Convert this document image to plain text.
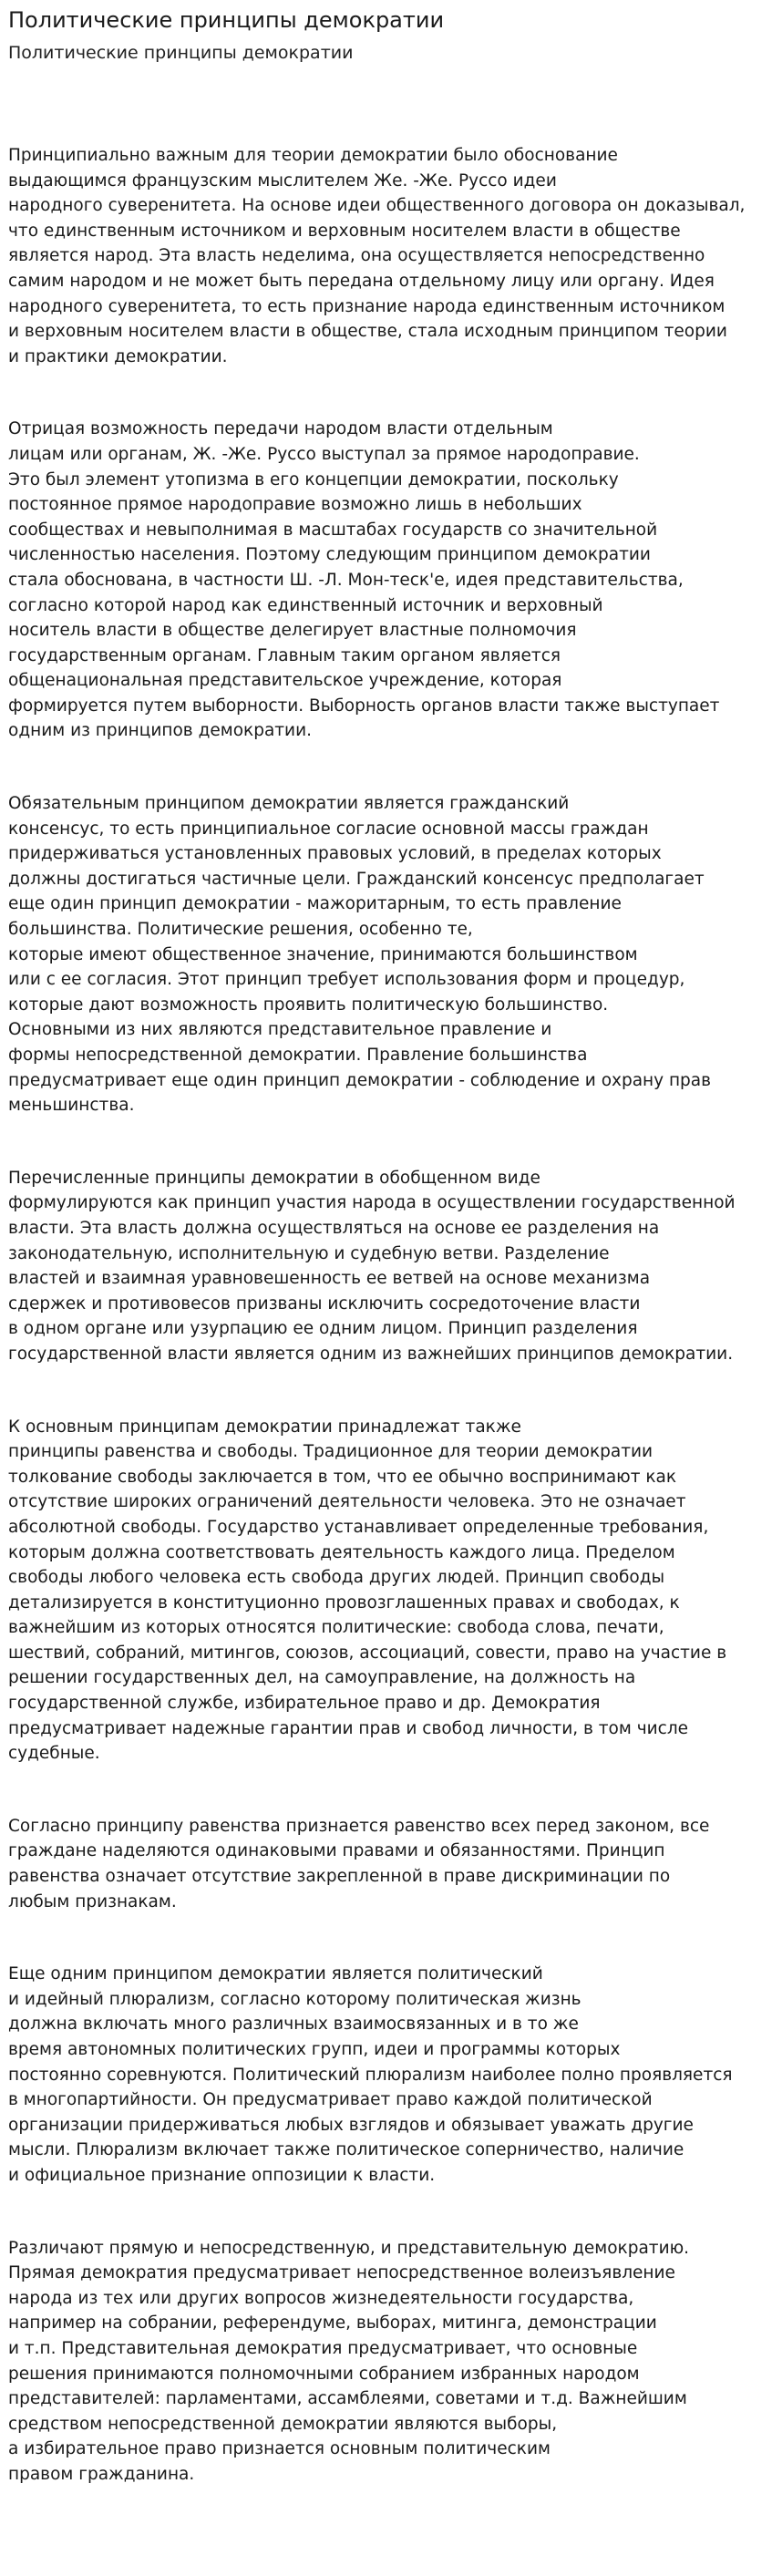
Политические принципы демократии
Политические принципы демократии

Принципиально важным для теории демократии было обоснование
выдающимся французским мыслителем Же. -Же. Руссо идеи
народного суверенитета. На основе идеи общественного договора он доказывал,
что единственным источником и верховным носителем власти в обществе
является народ. Эта власть неделима, она осуществляется непосредственно
самим народом и не может быть передана отдельному лицу или органу. Идея
народного суверенитета, то есть признание народа единственным источником
и верховным носителем власти в обществе, стала исходным принципом теории
и практики демократии.

Отрицая возможность передачи народом власти отдельным
лицам или органам, Ж. -Же. Руссо выступал за прямое народоправие.
Это был элемент утопизма в его концепции демократии, поскольку
постоянное прямое народоправие возможно лишь в небольших
сообществах и невыполнимая в масштабах государств со значительной
численностью населения. Поэтому следующим принципом демократии
стала обоснована, в частности Ш. -Л. Мон-теск'е, идея представительства,
согласно которой народ как единственный источник и верховный
носитель власти в обществе делегирует властные полномочия
государственным органам. Главным таким органом является
общенациональная представительское учреждение, которая
формируется путем выборности. Выборность органов власти также выступает
одним из принципов демократии.

Обязательным принципом демократии является гражданский
консенсус, то есть принципиальное согласие основной массы граждан
придерживаться установленных правовых условий, в пределах которых
должны достигаться частичные цели. Гражданский консенсус предполагает
еще один принцип демократии - мажоритарным, то есть правление
большинства. Политические решения, особенно те,
которые имеют общественное значение, принимаются большинством
или с ее согласия. Этот принцип требует использования форм и процедур,
которые дают возможность проявить политическую большинство.
Основными из них являются представительное правление и
формы непосредственной демократии. Правление большинства
предусматривает еще один принцип демократии - соблюдение и охрану прав
меньшинства.

Перечисленные принципы демократии в обобщенном виде
формулируются как принцип участия народа в осуществлении государственной
власти. Эта власть должна осуществляться на основе ее разделения на
законодательную, исполнительную и судебную ветви. Разделение
властей и взаимная уравновешенность ее ветвей на основе механизма
сдержек и противовесов призваны исключить сосредоточение власти
в одном органе или узурпацию ее одним лицом. Принцип разделения
государственной власти является одним из важнейших принципов демократии.

К основным принципам демократии принадлежат также
принципы равенства и свободы. Традиционное для теории демократии
толкование свободы заключается в том, что ее обычно воспринимают как
отсутствие широких ограничений деятельности человека. Это не означает
абсолютной свободы. Государство устанавливает определенные требования,
которым должна соответствовать деятельность каждого лица. Пределом
свободы любого человека есть свобода других людей. Принцип свободы
детализируется в конституционно провозглашенных правах и свободах, к
важнейшим из которых относятся политические: свобода слова, печати,
шествий, собраний, митингов, союзов, ассоциаций, совести, право на участие в
решении государственных дел, на самоуправление, на должность на
государственной службе, избирательное право и др. Демократия
предусматривает надежные гарантии прав и свобод личности, в том числе
судебные.

Согласно принципу равенства признается равенство всех перед законом, все
граждане наделяются одинаковыми правами и обязанностями. Принцип
равенства означает отсутствие закрепленной в праве дискриминации по
любым признакам.

Еще одним принципом демократии является политический
и идейный плюрализм, согласно которому политическая жизнь
должна включать много различных взаимосвязанных и в то же
время автономных политических групп, идеи и программы которых
постоянно соревнуются. Политический плюрализм наиболее полно проявляется
в многопартийности. Он предусматривает право каждой политической
организации придерживаться любых взглядов и обязывает уважать другие
мысли. Плюрализм включает также политическое соперничество, наличие
и официальное признание оппозиции к власти.

Различают прямую и непосредственную, и представительную демократию.
Прямая демократия предусматривает непосредственное волеизъявление
народа из тех или других вопросов жизнедеятельности государства,
например на собрании, референдуме, выборах, митинга, демонстрации
и т.п. Представительная демократия предусматривает, что основные
решения принимаются полномочными собранием избранных народом
представителей: парламентами, ассамблеями, советами и т.д. Важнейшим
средством непосредственной демократии являются выборы,
а избирательное право признается основным политическим
правом гражданина.
